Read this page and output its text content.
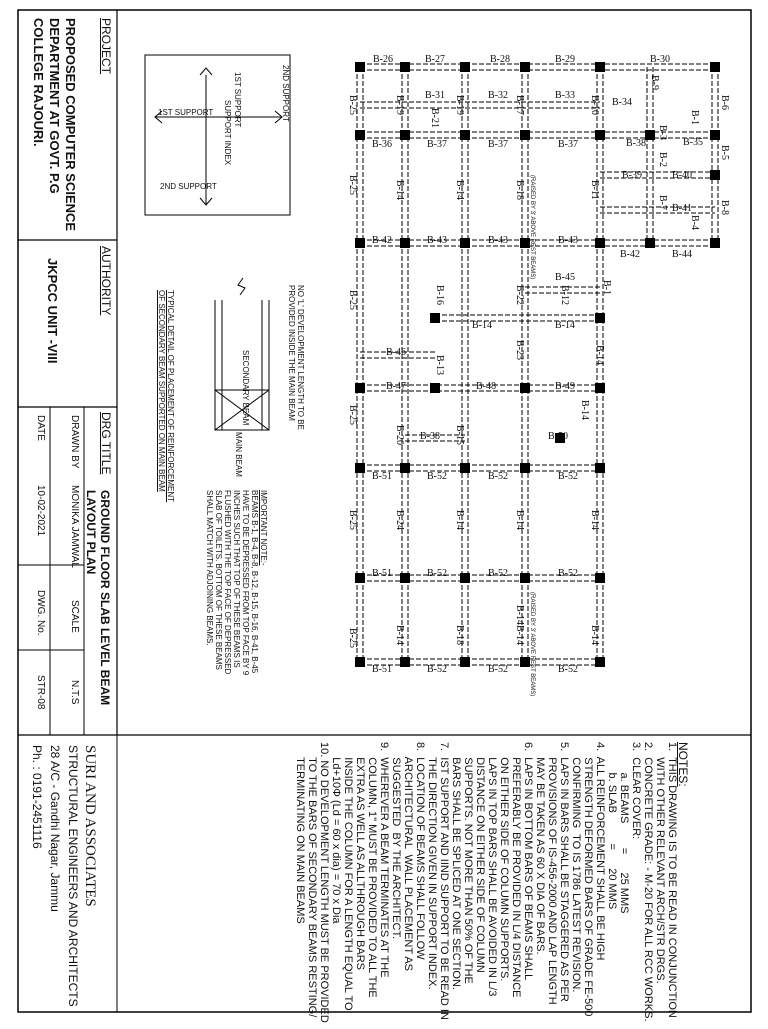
PROJECT
PROPOSED COMPUTER SCIENCE
DEPARTMENT AT GOVT. P.G
COLLEGE RAJOURI.
AUTHORITY
JKPCC UNIT -VIII
DRG TITLE
GROUND FLOOR SLAB LEVEL BEAM
LAYOUT PLAN
DATE DRAWN BY
10-02-2021 MONIKA JAMWAL
DWG. No. SCALE
STR-08 N.T.S
SURI AND ASSOCIATES
STRUCTURAL ENGINEERS AND ARCHITECTS
28 A/C - Gandhi Nagar, Jammu
Ph. : 0191-2451116	NOTES:
1.  THIS DRAWING IS TO BE READ IN CONJUNCTION
WITH OTHER RELEVANT ARCH/STR DRGS.
2.  CONCRETE GRADE: - M-20 FOR ALL RCC WORKS.
3.  CLEAR COVER:
a. BEAMS        =      25 MMS
b. SLAB          =      20 MMS
4.  ALL REINFORCEMENT SHALL BE HIGH
STRENGTH DEFORMED BARS OF GRADE FE-500
CONFIRMING  TO IS 1786 LATEST REVISION.
5.  LAPS IN BARS SHALL BE STAGGERED AS PER
PROVISIONS OF IS-456-2000 AND LAP LENGTH
MAY BE TAKEN AS 60 X DIA OF BARS.
6.  LAPS IN BOTTOM BARS OF BEAMS SHALL
PREFERABLY BE PROVIDED IN L/4 DISTANCE
ON EITHER SIDE OF COLUMN SUPPORTS.
LAPS IN TOP BARS SHALL BE AVOIDED IN L/3
DISTANCE ON EITHER SIDE OF COLUMN
SUPPORTS. NOT MORE THAN 50% OF THE
BARS SHALL BE SPLICED AT ONE SECTION.
7.  IST SUPPORT AND IIND SUPPORT TO BE READ IN
THE DIRECTION GIVEN IN SUPPORT INDEX.
8.  LOCATION OF BEAMS SHALL FOLLOW
ARCHITECTURAL  WALL PLACEMENT AS
SUGGESTED  BY THE ARCHITECT.
9.  WHEREVER A BEAM TERMINATES AT THE
COLUMN, 1" MUST BE PROVIDED TO ALL THE
EXTRA AS WELL AS ALLTHROUGH BARS
INSIDE THE COLUMN FOR A LENGTH EQUAL TO
Ld+10Φ (Ld = 60 x dia) = 70 x Dia
10. NO DEVELOPMENT LENGTH MUST BE PROVIDED
TO THE BARS OF SECONDARY BEAMS RESTING/
TERMINATING ON MAIN BEAMS
IMPORTANT NOTE:-
BEAMS B-1, B-4, B-8, B-12, B-15, B-16, B-41, B-45
HAVE TO BE DEPRESSED FROM TOP FACE BY 9
INCHES SUCH THAT TOP OF THESE BEAMS IS
FLUSHED WITH THE TOP FACE OF DEPRESSED
SLAB OF TOILETS. BOTTOM OF THESE BEAMS
SHALL MATCH WITH ADJOINING BEAMS.
TYPICAL DETAIL OF PLACEMENT OF REINFORCEMENT
OF SECONDARY BEAM SUPPORTED ON MAIN BEAM	NO 'L' DEVELOPMENT LENGTH TO BE
PROVIDED INSIDE THE MAIN BEAM
SECONDARY BEAM
MAIN BEAM
2ND SUPPORT
1ST SUPPORT
SUPPORT INDEX
1ST SUPPORT
2ND SUPPORT
B-26	B-27	B-28	B-29	B-30
B-31	B-32	B-33
B-34
B-35
B-38
B-39	B-40
B-41
B-42	B-44
B-36	B-37	B-37	B-37
B-42	B-43	B-43	B-43
B-45
B-46
B-47	B-48	B-49
B-50
B-38
B-14	B-14
B-51	B-52	B-52	B-52
B-51	B-52	B-52	B-52
B-51	B-52	B-52	B-52
B-25
B-25
B-25
B-25
B-25
B-25
B-19	B-19	B-17	B-10
B-21
B-18	B-11
B-14	B-14
B-9
B-6
B-1
B-3
B-5
B-2
B-7	B-8
B-4
B-1
B-12
B-16	B-22
B-14
B-13
B-23
B-14
B-15
B-20
B-24	B-14	B-14	B-14
B-14
B-14	B-18	B-14	B-14
(RAISED BY 3' ABOVE REST BEAMS)
(RAISED BY 3' ABOVE REST BEAMS)
